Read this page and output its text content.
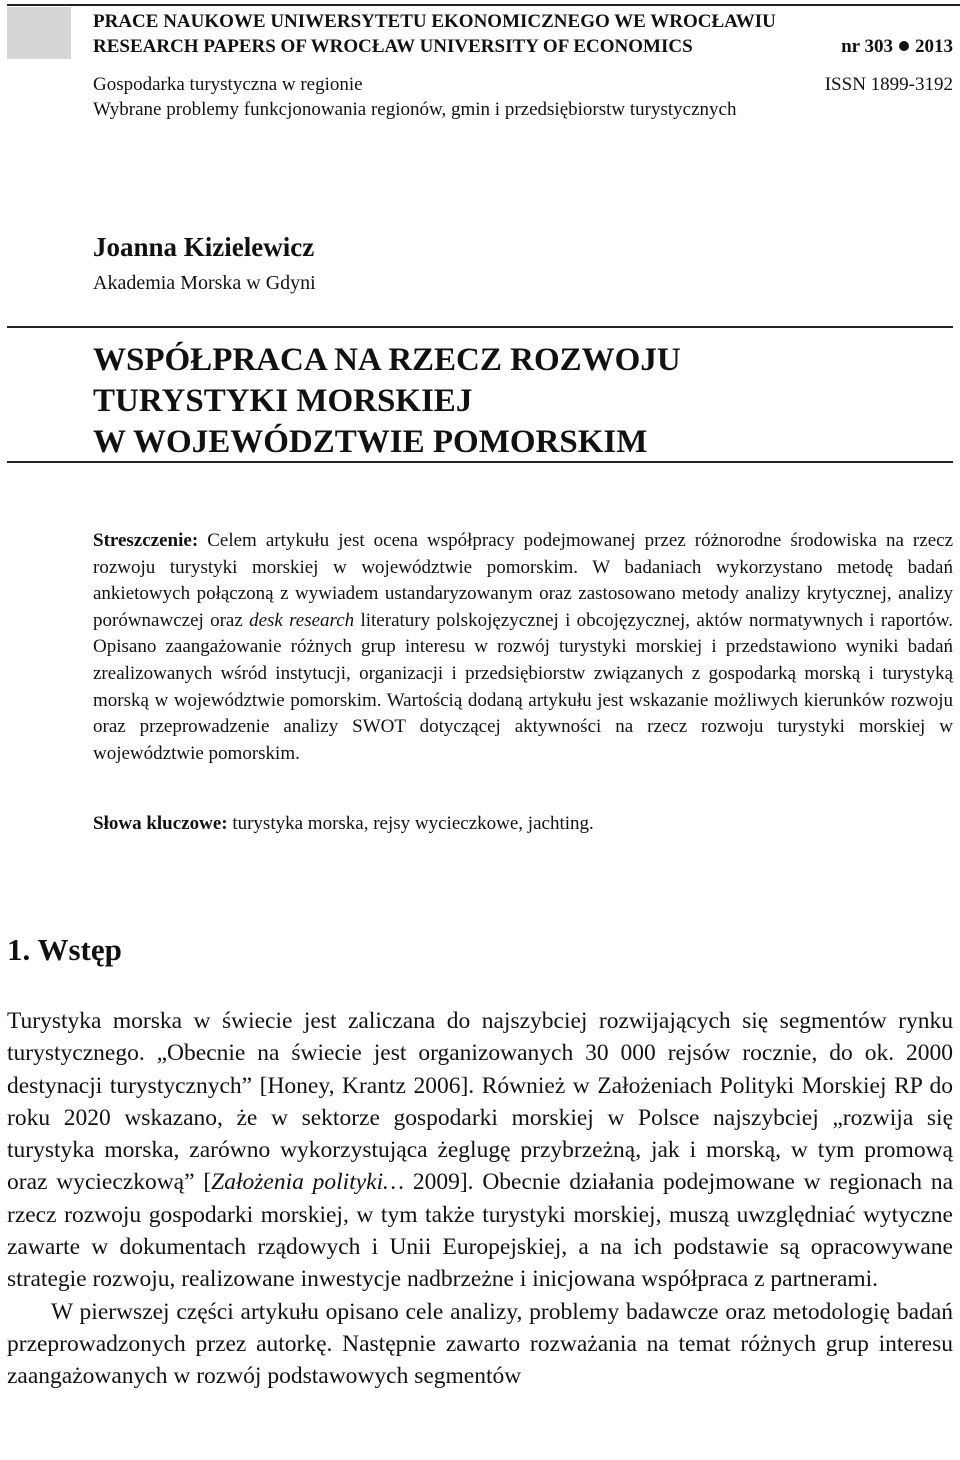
PRACE NAUKOWE UNIWERSYTETU EKONOMICZNEGO WE WROCŁAWIU
RESEARCH PAPERS OF WROCŁAW UNIVERSITY OF ECONOMICS	nr 303 2013
Gospodarka turystyczna w regionie	ISSN 1899-3192
Wybrane problemy funkcjonowania regionów, gmin i przedsiębiorstw turystycznych
Joanna Kizielewicz
Akademia Morska w Gdyni
WSPÓŁPRACA NA RZECZ ROZWOJU
TURYSTYKI MORSKIEJ
W WOJEWÓDZTWIE POMORSKIM

Streszczenie: Celem artykułu jest ocena współpracy podejmowanej przez różnorodne środowiska na rzecz rozwoju turystyki morskiej w województwie pomorskim. W badaniach wykorzystano metodę badań ankietowych połączoną z wywiadem ustandaryzowanym oraz zastosowano metody analizy krytycznej, analizy porównawczej oraz desk research literatury polskojęzycznej i obcojęzycznej, aktów normatywnych i raportów. Opisano zaangażowanie różnych grup interesu w rozwój turystyki morskiej i przedstawiono wyniki badań zrealizowanych wśród instytucji, organizacji i przedsiębiorstw związanych z gospodarką morską i turystyką morską w województwie pomorskim. Wartością dodaną artykułu jest wskazanie możliwych kierunków rozwoju oraz przeprowadzenie analizy SWOT dotyczącej aktywności na rzecz rozwoju turystyki morskiej w województwie pomorskim.

Słowa kluczowe: turystyka morska, rejsy wycieczkowe, jachting.

1. Wstęp

Turystyka morska w świecie jest zaliczana do najszybciej rozwijających się segmentów rynku turystycznego. „Obecnie na świecie jest organizowanych 30 000 rejsów rocznie, do ok. 2000 destynacji turystycznych” [Honey, Krantz 2006]. Również w Założeniach Polityki Morskiej RP do roku 2020 wskazano, że w sektorze gospodarki morskiej w Polsce najszybciej „rozwija się turystyka morska, zarówno wykorzystująca żeglugę przybrzeżną, jak i morską, w tym promową oraz wycieczkową” [Założenia polityki… 2009]. Obecnie działania podejmowane w regionach na rzecz rozwoju gospodarki morskiej, w tym także turystyki morskiej, muszą uwzględniać wytyczne zawarte w dokumentach rządowych i Unii Europejskiej, a na ich podstawie są opracowywane strategie rozwoju, realizowane inwestycje nadbrzeżne i inicjowana współpraca z partnerami.

W pierwszej części artykułu opisano cele analizy, problemy badawcze oraz metodologię badań przeprowadzonych przez autorkę. Następnie zawarto rozważania na temat różnych grup interesu zaangażowanych w rozwój podstawowych segmentów
